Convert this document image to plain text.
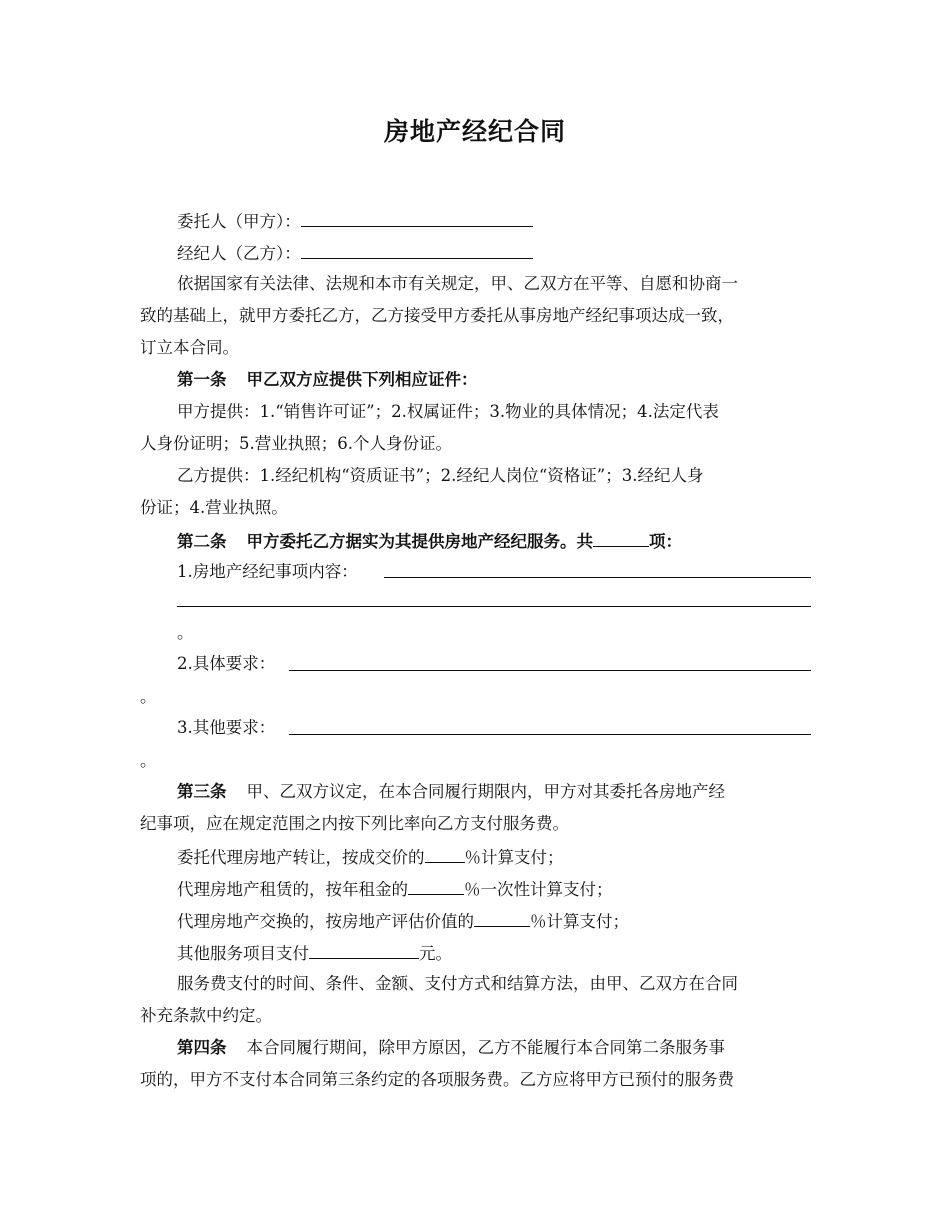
房地产经纪合同
委托人（甲方）：
经纪人（乙方）：
依据国家有关法律、法规和本市有关规定，甲、乙双方在平等、自愿和协商一
致的基础上，就甲方委托乙方，乙方接受甲方委托从事房地产经纪事项达成一致，
订立本合同。
第一条 甲乙双方应提供下列相应证件：
甲方提供：1.“销售许可证”；2.权属证件；3.物业的具体情况；4.法定代表
人身份证明；5.营业执照；6.个人身份证。
乙方提供：1.经纪机构“资质证书”；2.经纪人岗位“资格证”；3.经纪人身
份证；4.营业执照。
第二条 甲方委托乙方据实为其提供房地产经纪服务。共	项：
1.房地产经纪事项内容：
。
2.具体要求：
。
3.其他要求：
。
第三条 甲、乙双方议定，在本合同履行期限内，甲方对其委托各房地产经
纪事项，应在规定范围之内按下列比率向乙方支付服务费。
委托代理房地产转让，按成交价的 ％计算支付；
代理房地产租赁的，按年租金的	％一次性计算支付；
代理房地产交换的，按房地产评估价值的	％计算支付；
其他服务项目支付	元。
服务费支付的时间、条件、金额、支付方式和结算方法，由甲、乙双方在合同
补充条款中约定。
第四条 本合同履行期间，除甲方原因，乙方不能履行本合同第二条服务事
项的，甲方不支付本合同第三条约定的各项服务费。乙方应将甲方已预付的服务费
